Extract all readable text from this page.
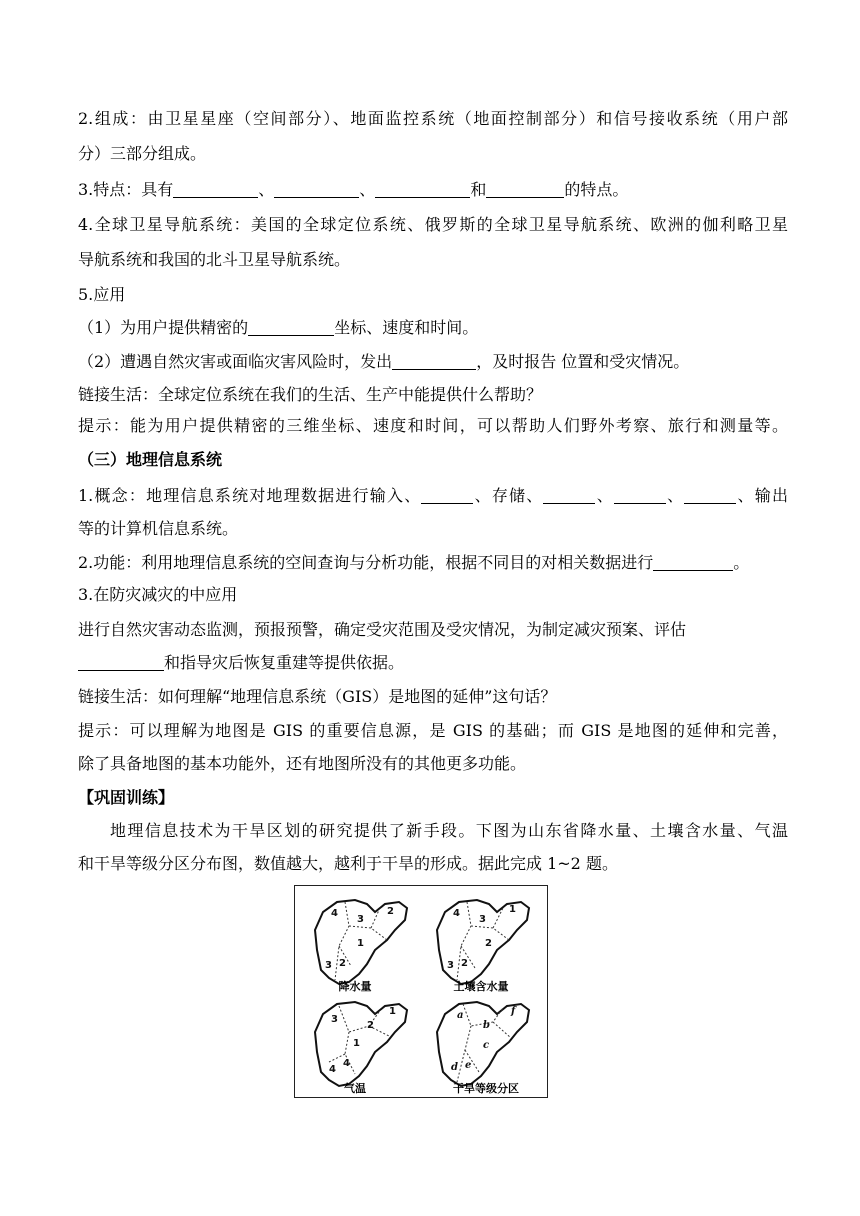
2.组成：由卫星星座（空间部分）、地面监控系统（地面控制部分）和信号接收系统（用户部
分）三部分组成。
3.特点：具有	、	、	和	的特点。
4.全球卫星导航系统：美国的全球定位系统、俄罗斯的全球卫星导航系统、欧洲的伽利略卫星
导航系统和我国的北斗卫星导航系统。
5.应用
（1）为用户提供精密的	坐标、速度和时间。
（2）遭遇自然灾害或面临灾害风险时，发出	，及时报告 位置和受灾情况。
链接生活：全球定位系统在我们的生活、生产中能提供什么帮助？
提示：能为用户提供精密的三维坐标、速度和时间，可以帮助人们野外考察、旅行和测量等。
（三）地理信息系统
1.概念：地理信息系统对地理数据进行输入、	、存储、	、	、	、输出
等的计算机信息系统。
2.功能：利用地理信息系统的空间查询与分析功能，根据不同目的对相关数据进行	。
3.在防灾减灾的中应用
进行自然灾害动态监测，预报预警，确定受灾范围及受灾情况，为制定减灾预案、评估
和指导灾后恢复重建等提供依据。
链接生活：如何理解“地理信息系统（GIS）是地图的延伸”这句话？
提示：可以理解为地图是 GIS 的重要信息源，是 GIS 的基础；而 GIS 是地图的延伸和完善，
除了具备地图的基本功能外，还有地图所没有的其他更多功能。
【巩固训练】
地理信息技术为干旱区划的研究提供了新手段。下图为山东省降水量、土壤含水量、气温
和干旱等级分区分布图，数值越大，越利于干旱的形成。据此完成 1~2 题。
4
3
2
1
3 2
4
3
1
2
3 2
3
2
1
1
4
4
a
b
f
c
d e
降水量	土壤含水量
气温	干旱等级分区
